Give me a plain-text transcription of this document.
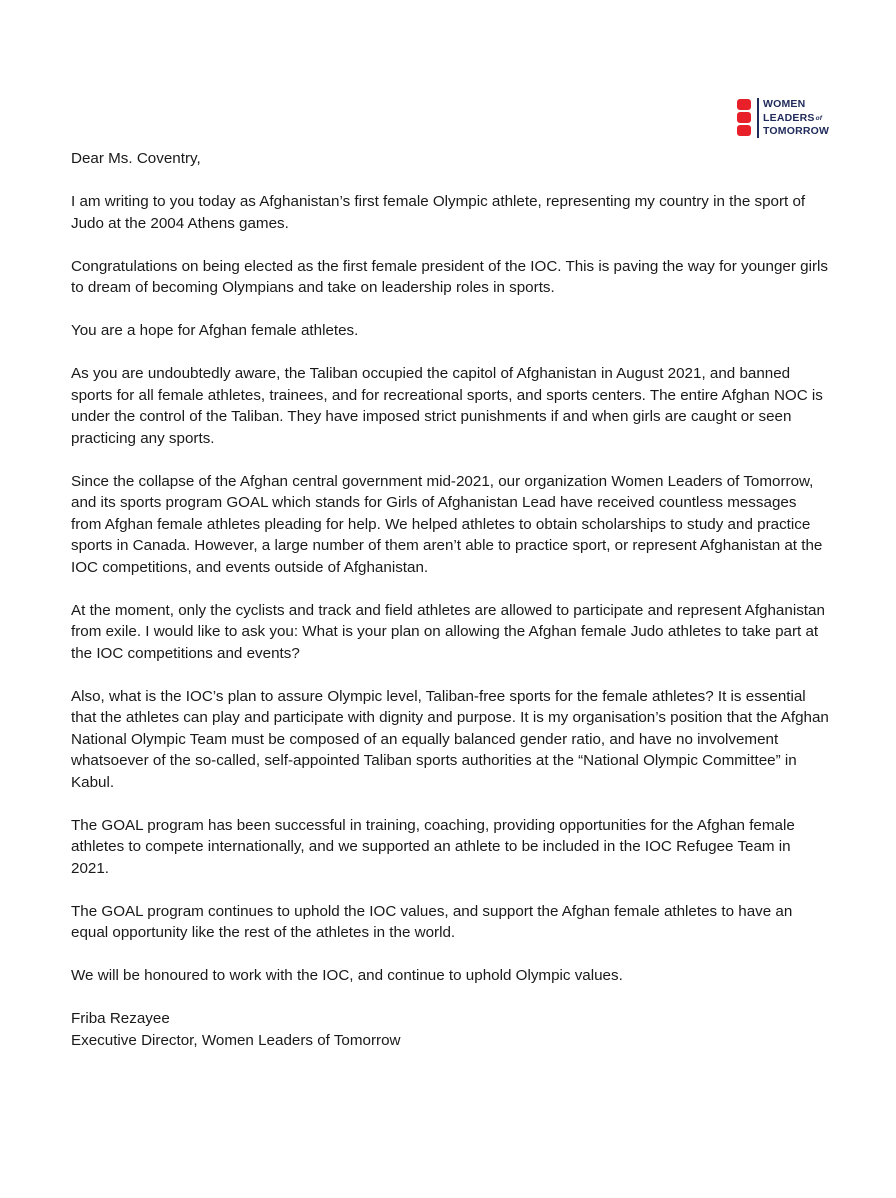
WOMEN
LEADERSof
TOMORROW

Dear Ms. Coventry,

I am writing to you today as Afghanistan’s first female Olympic athlete, representing my country in the sport of Judo at the 2004 Athens games.

Congratulations on being elected as the first female president of the IOC. This is paving the way for younger girls to dream of becoming Olympians and take on leadership roles in sports.

You are a hope for Afghan female athletes.

As you are undoubtedly aware, the Taliban occupied the capitol of Afghanistan in August 2021, and banned sports for all female athletes, trainees, and for recreational sports, and sports centers. The entire Afghan NOC is under the control of the Taliban. They have imposed strict punishments if and when girls are caught or seen practicing any sports.

Since the collapse of the Afghan central government mid-2021, our organization Women Leaders of Tomorrow, and its sports program GOAL which stands for Girls of Afghanistan Lead have received countless messages from Afghan female athletes pleading for help. We helped athletes to obtain scholarships to study and practice sports in Canada. However, a large number of them aren’t able to practice sport, or represent Afghanistan at the IOC competitions, and events outside of Afghanistan.

At the moment, only the cyclists and track and field athletes are allowed to participate and represent Afghanistan from exile. I would like to ask you: What is your plan on allowing the Afghan female Judo athletes to take part at the IOC competitions and events?

Also, what is the IOC’s plan to assure Olympic level, Taliban-free sports for the female athletes? It is essential that the athletes can play and participate with dignity and purpose. It is my organisation’s position that the Afghan National Olympic Team must be composed of an equally balanced gender ratio, and have no involvement whatsoever of the so-called, self-appointed Taliban sports authorities at the “National Olympic Committee” in Kabul.

The GOAL program has been successful in training, coaching, providing opportunities for the Afghan female athletes to compete internationally, and we supported an athlete to be included in the IOC Refugee Team in 2021.

The GOAL program continues to uphold the IOC values, and support the Afghan female athletes to have an equal opportunity like the rest of the athletes in the world.

We will be honoured to work with the IOC, and continue to uphold Olympic values.

Friba Rezayee

Executive Director, Women Leaders of Tomorrow
